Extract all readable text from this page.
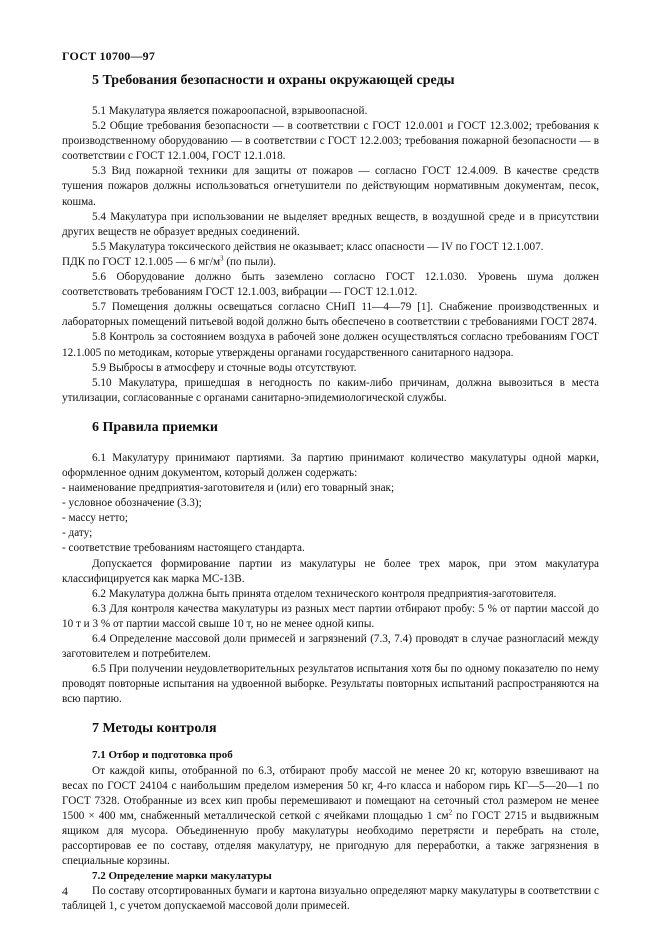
ГОСТ 10700—97
5 Требования безопасности и охраны окружающей среды

5.1 Макулатура является пожароопасной, взрывоопасной.

5.2 Общие требования безопасности — в соответствии с ГОСТ 12.0.001 и ГОСТ 12.3.002; требования к производственному оборудованию — в соответствии с ГОСТ 12.2.003; требования пожарной безопасности — в соответствии с ГОСТ 12.1.004, ГОСТ 12.1.018.

5.3 Вид пожарной техники для защиты от пожаров — согласно ГОСТ 12.4.009. В качестве средств тушения пожаров должны использоваться огнетушители по действующим нормативным документам, песок, кошма.

5.4 Макулатура при использовании не выделяет вредных веществ, в воздушной среде и в присутствии других веществ не образует вредных соединений.

5.5 Макулатура токсического действия не оказывает; класс опасности — IV по ГОСТ 12.1.007.

ПДК по ГОСТ 12.1.005 — 6 $мг/м^3$ (по пыли).

5.6 Оборудование должно быть заземлено согласно ГОСТ 12.1.030. Уровень шума должен соответствовать требованиям ГОСТ 12.1.003, вибрации — ГОСТ 12.1.012.

5.7 Помещения должны освещаться согласно СНиП 11—4—79 [1]. Снабжение производственных и лабораторных помещений питьевой водой должно быть обеспечено в соответствии с требованиями ГОСТ 2874.

5.8 Контроль за состоянием воздуха в рабочей зоне должен осуществляться согласно требованиям ГОСТ 12.1.005 по методикам, которые утверждены органами государственного санитарного надзора.

5.9 Выбросы в атмосферу и сточные воды отсутствуют.

5.10 Макулатура, пришедшая в негодность по каким-либо причинам, должна вывозиться в места утилизации, согласованные с органами санитарно-эпидемиологической службы.

6 Правила приемки

6.1 Макулатуру принимают партиями. За партию принимают количество макулатуры одной марки, оформленное одним документом, который должен содержать:

- наименование предприятия-заготовителя и (или) его товарный знак;
- условное обозначение (3.3);
- массу нетто;
- дату;
- соответствие требованиям настоящего стандарта.

Допускается формирование партии из макулатуры не более трех марок, при этом макулатура классифицируется как марка МС-13В.

6.2 Макулатура должна быть принята отделом технического контроля предприятия-заготовителя.

6.3 Для контроля качества макулатуры из разных мест партии отбирают пробу: 5 % от партии массой до 10 т и 3 % от партии массой свыше 10 т, но не менее одной кипы.

6.4 Определение массовой доли примесей и загрязнений (7.3, 7.4) проводят в случае разногласий между заготовителем и потребителем.

6.5 При получении неудовлетворительных результатов испытания хотя бы по одному показателю по нему проводят повторные испытания на удвоенной выборке. Результаты повторных испытаний распространяются на всю партию.

7 Методы контроля
7.1 Отбор и подготовка проб

От каждой кипы, отобранной по 6.3, отбирают пробу массой не менее 20 кг, которую взвешивают на весах по ГОСТ 24104 с наибольшим пределом измерения 50 кг, 4-го класса и набором гирь КГ—5—20—1 по ГОСТ 7328. Отобранные из всех кип пробы перемешивают и помещают на сеточный стол размером не менее 1500 × 400 мм, снабженный металлической сеткой с ячейками площадью 1 $см^2$ по ГОСТ 2715 и выдвижным ящиком для мусора. Объединенную пробу макулатуры необходимо перетрясти и перебрать на столе, рассортировав ее по составу, отделяя макулатуру, не пригодную для переработки, а также загрязнения в специальные корзины.

7.2 Определение марки макулатуры

По составу отсортированных бумаги и картона визуально определяют марку макулатуры в соответствии с таблицей 1, с учетом допускаемой массовой доли примесей.

4
